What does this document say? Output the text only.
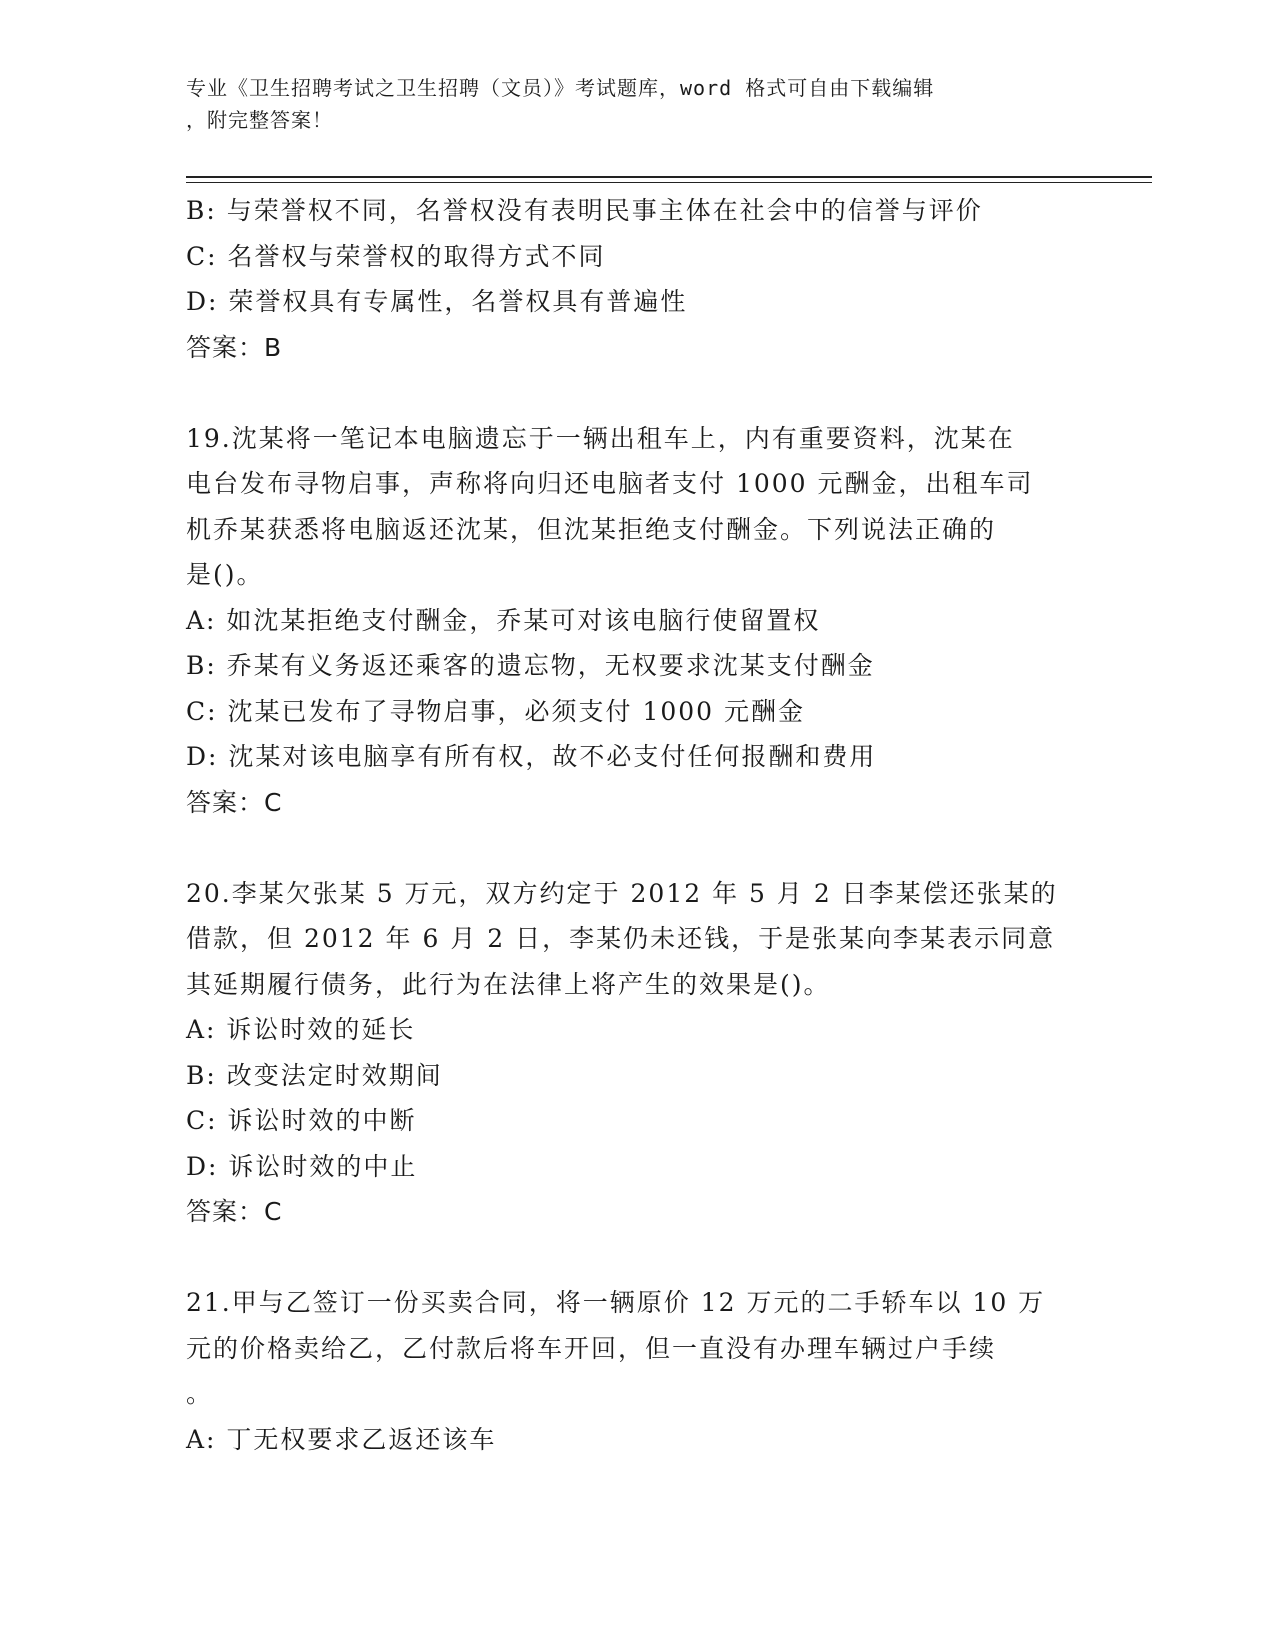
专业《卫生招聘考试之卫生招聘（文员）》考试题库，word 格式可自由下载编辑
，附完整答案！
B: 与荣誉权不同，名誉权没有表明民事主体在社会中的信誉与评价
C: 名誉权与荣誉权的取得方式不同
D: 荣誉权具有专属性，名誉权具有普遍性
答案：B
19.沈某将一笔记本电脑遗忘于一辆出租车上，内有重要资料，沈某在
电台发布寻物启事，声称将向归还电脑者支付 1000 元酬金，出租车司
机乔某获悉将电脑返还沈某，但沈某拒绝支付酬金。下列说法正确的
是()。
A: 如沈某拒绝支付酬金，乔某可对该电脑行使留置权
B: 乔某有义务返还乘客的遗忘物，无权要求沈某支付酬金
C: 沈某已发布了寻物启事，必须支付 1000 元酬金
D: 沈某对该电脑享有所有权，故不必支付任何报酬和费用
答案：C
20.李某欠张某 5 万元，双方约定于 2012 年 5 月 2 日李某偿还张某的
借款，但 2012 年 6 月 2 日，李某仍未还钱，于是张某向李某表示同意
其延期履行债务，此行为在法律上将产生的效果是()。
A: 诉讼时效的延长
B: 改变法定时效期间
C: 诉讼时效的中断
D: 诉讼时效的中止
答案：C
21.甲与乙签订一份买卖合同，将一辆原价 12 万元的二手轿车以 10 万
元的价格卖给乙，乙付款后将车开回，但一直没有办理车辆过户手续
。
A: 丁无权要求乙返还该车
